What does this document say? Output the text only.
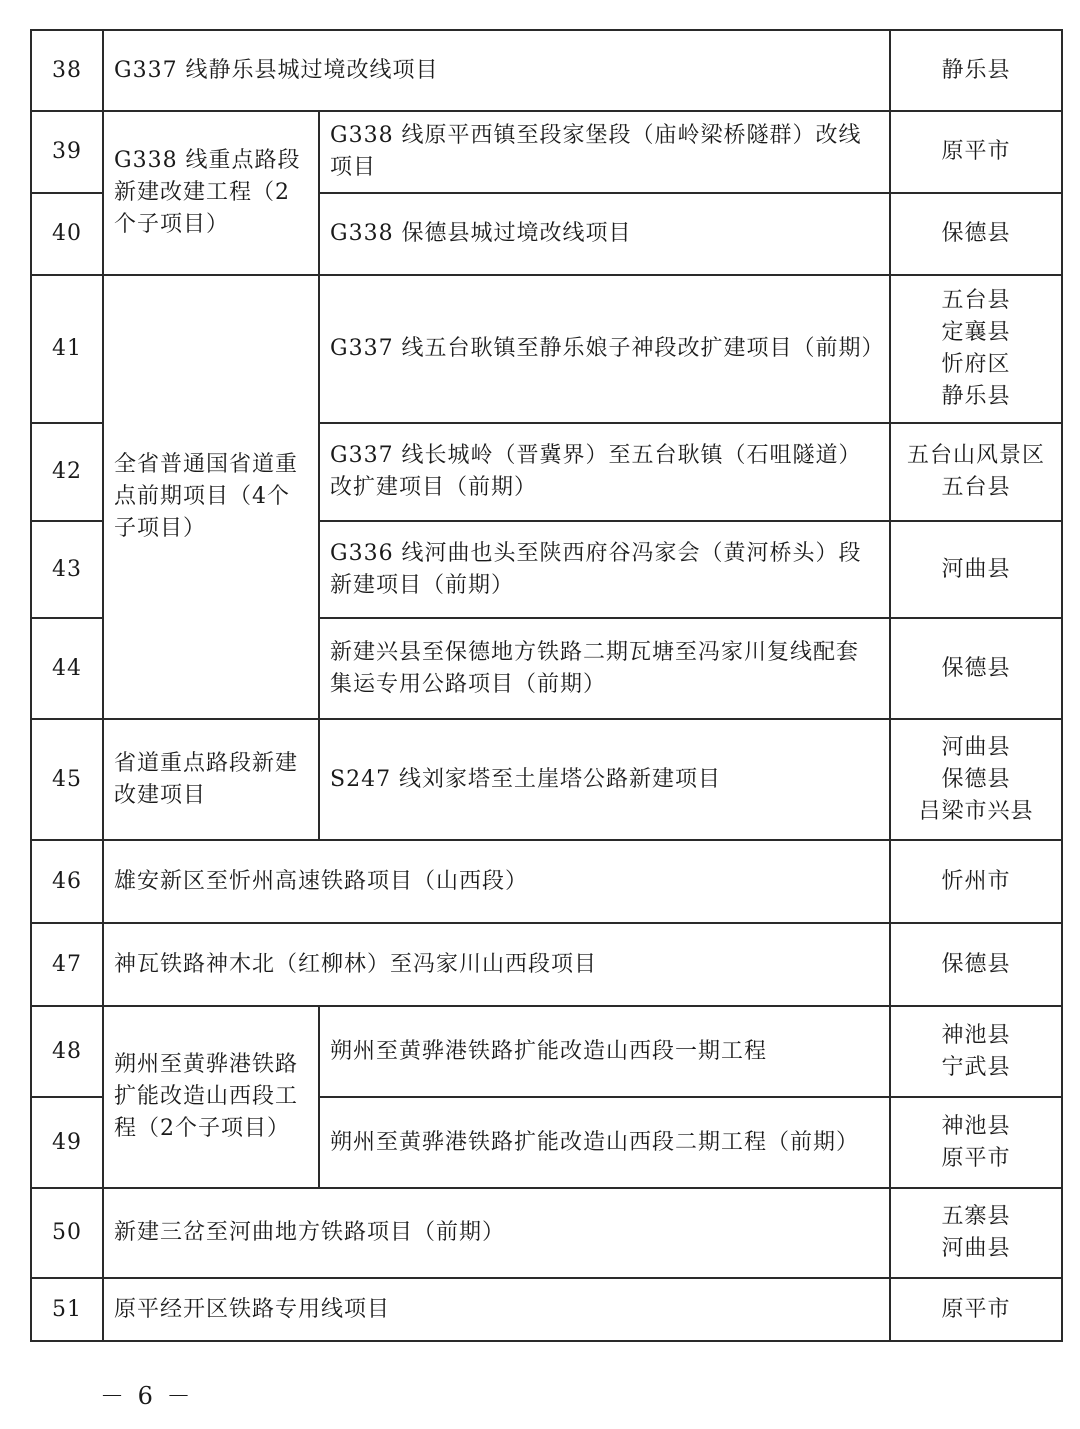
38	G337 线静乐县城过境改线项目		静乐县

39	G338 线重点路段新建改建工程（2个子项目）	G338 线原平西镇至段家堡段（庙岭梁桥隧群）改线项目	原平市

40		G338 保德县城过境改线项目	保德县

41	全省普通国省道重点前期项目（4个子项目）	G337 线五台耿镇至静乐娘子神段改扩建项目（前期）	五台县
定襄县
忻府区
静乐县

42		G337 线长城岭（晋冀界）至五台耿镇（石咀隧道）改扩建项目（前期）	五台山风景区
五台县

43		G336 线河曲也头至陕西府谷冯家会（黄河桥头）段新建项目（前期）	河曲县

44		新建兴县至保德地方铁路二期瓦塘至冯家川复线配套集运专用公路项目（前期）	保德县

45	省道重点路段新建改建项目	S247 线刘家塔至土崖塔公路新建项目	河曲县
保德县
吕梁市兴县

46	雄安新区至忻州高速铁路项目（山西段）		忻州市

47	神瓦铁路神木北（红柳林）至冯家川山西段项目		保德县

48	朔州至黄骅港铁路扩能改造山西段工程（2个子项目）	朔州至黄骅港铁路扩能改造山西段一期工程	神池县
宁武县

49		朔州至黄骅港铁路扩能改造山西段二期工程（前期）	神池县
原平市

50	新建三岔至河曲地方铁路项目（前期）		五寨县
河曲县

51	原平经开区铁路专用线项目		原平市
－ 6 －
